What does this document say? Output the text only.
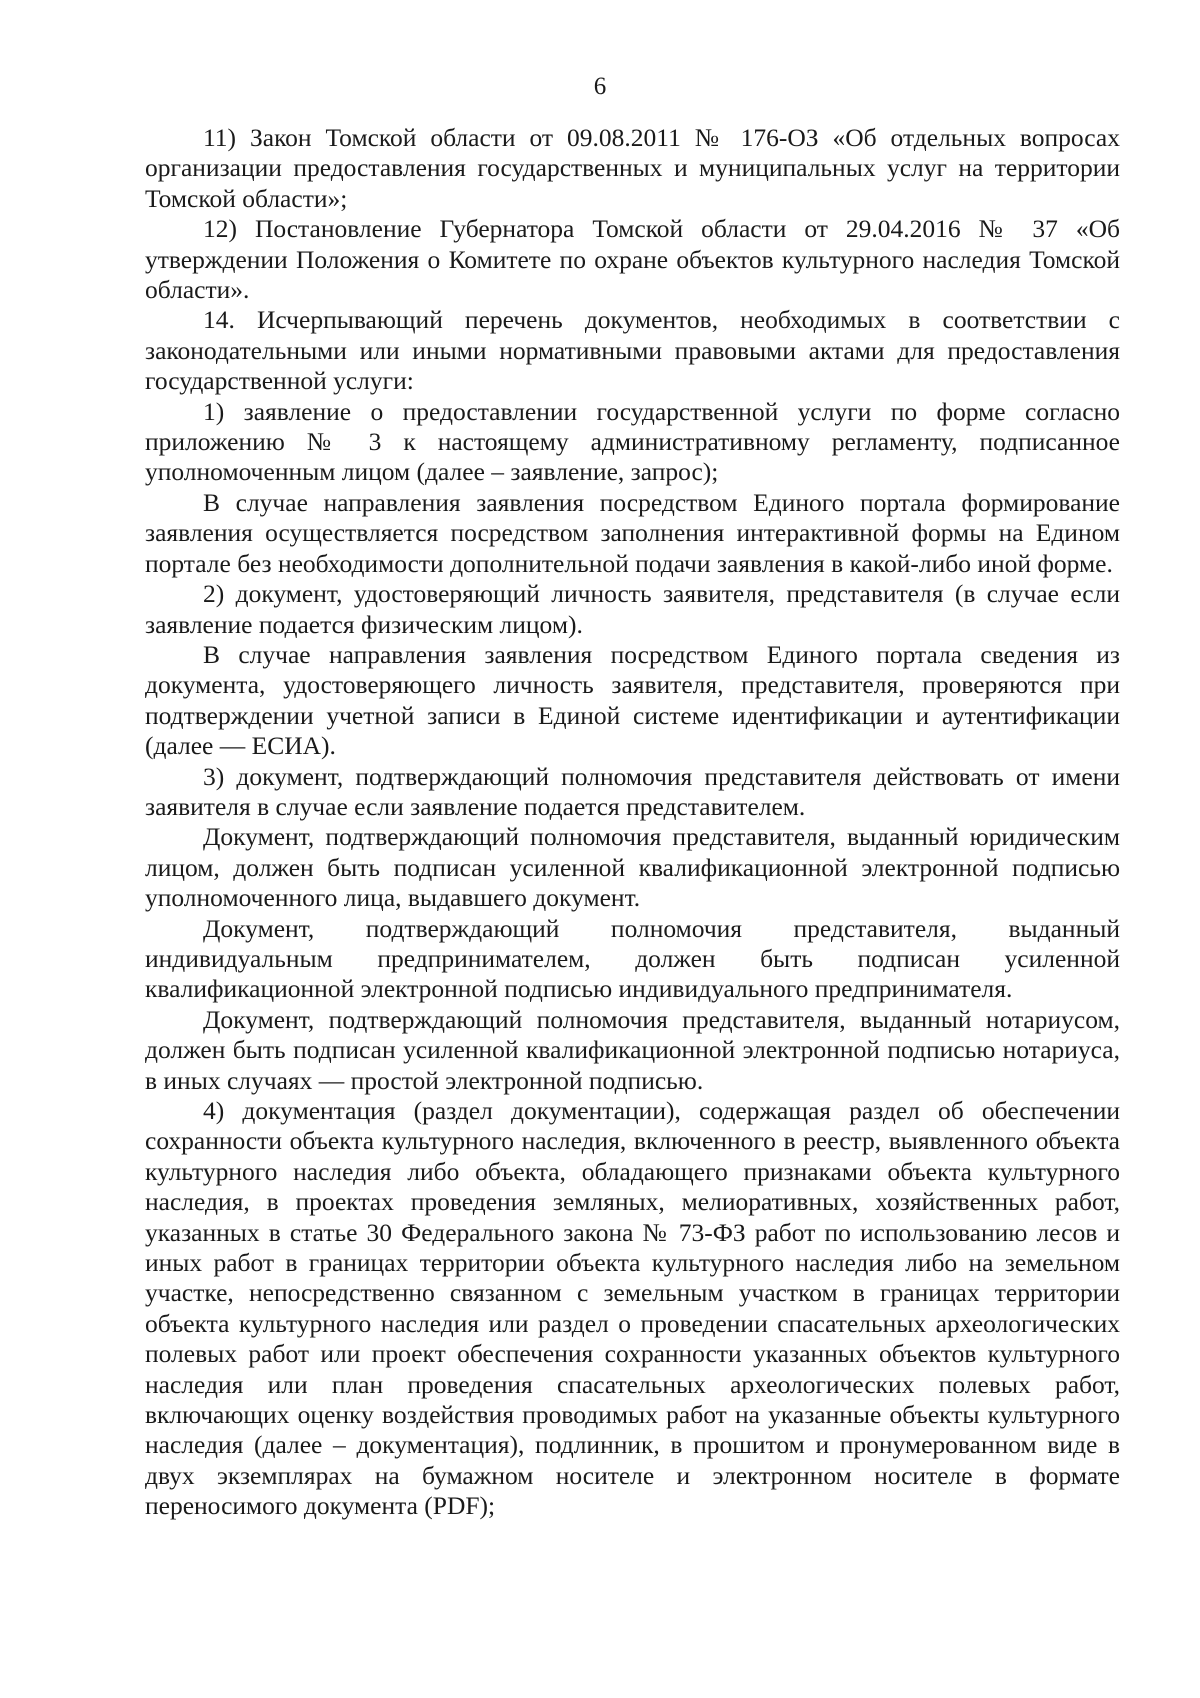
6

11) Закон Томской области от 09.08.2011 № 176-ОЗ «Об отдельных вопросах организации предоставления государственных и муниципальных услуг на территории Томской области»;

12) Постановление Губернатора Томской области от 29.04.2016 № 37 «Об утверждении Положения о Комитете по охране объектов культурного наследия Томской области».

14. Исчерпывающий перечень документов, необходимых в соответствии с законодательными или иными нормативными правовыми актами для предоставления государственной услуги:

1) заявление о предоставлении государственной услуги по форме согласно приложению № 3 к настоящему административному регламенту, подписанное уполномоченным лицом (далее – заявление, запрос);

В случае направления заявления посредством Единого портала формирование заявления осуществляется посредством заполнения интерактивной формы на Едином портале без необходимости дополнительной подачи заявления в какой-либо иной форме.

2) документ, удостоверяющий личность заявителя, представителя (в случае если заявление подается физическим лицом).

В случае направления заявления посредством Единого портала сведения из документа, удостоверяющего личность заявителя, представителя, проверяются при подтверждении учетной записи в Единой системе идентификации и аутентификации (далее — ЕСИА).

3) документ, подтверждающий полномочия представителя действовать от имени заявителя в случае если заявление подается представителем.

Документ, подтверждающий полномочия представителя, выданный юридическим лицом, должен быть подписан усиленной квалификационной электронной подписью уполномоченного лица, выдавшего документ.

Документ, подтверждающий полномочия представителя, выданный индивидуальным предпринимателем, должен быть подписан усиленной квалификационной электронной подписью индивидуального предпринимателя.

Документ, подтверждающий полномочия представителя, выданный нотариусом, должен быть подписан усиленной квалификационной электронной подписью нотариуса, в иных случаях — простой электронной подписью.

4) документация (раздел документации), содержащая раздел об обеспечении сохранности объекта культурного наследия, включенного в реестр, выявленного объекта культурного наследия либо объекта, обладающего признаками объекта культурного наследия, в проектах проведения земляных, мелиоративных, хозяйственных работ, указанных в статье 30 Федерального закона № 73-ФЗ работ по использованию лесов и иных работ в границах территории объекта культурного наследия либо на земельном участке, непосредственно связанном с земельным участком в границах территории объекта культурного наследия или раздел о проведении спасательных археологических полевых работ или проект обеспечения сохранности указанных объектов культурного наследия или план проведения спасательных археологических полевых работ, включающих оценку воздействия проводимых работ на указанные объекты культурного наследия (далее – документация), подлинник, в прошитом и пронумерованном виде в двух экземплярах на бумажном носителе и электронном носителе в формате переносимого документа (PDF);
